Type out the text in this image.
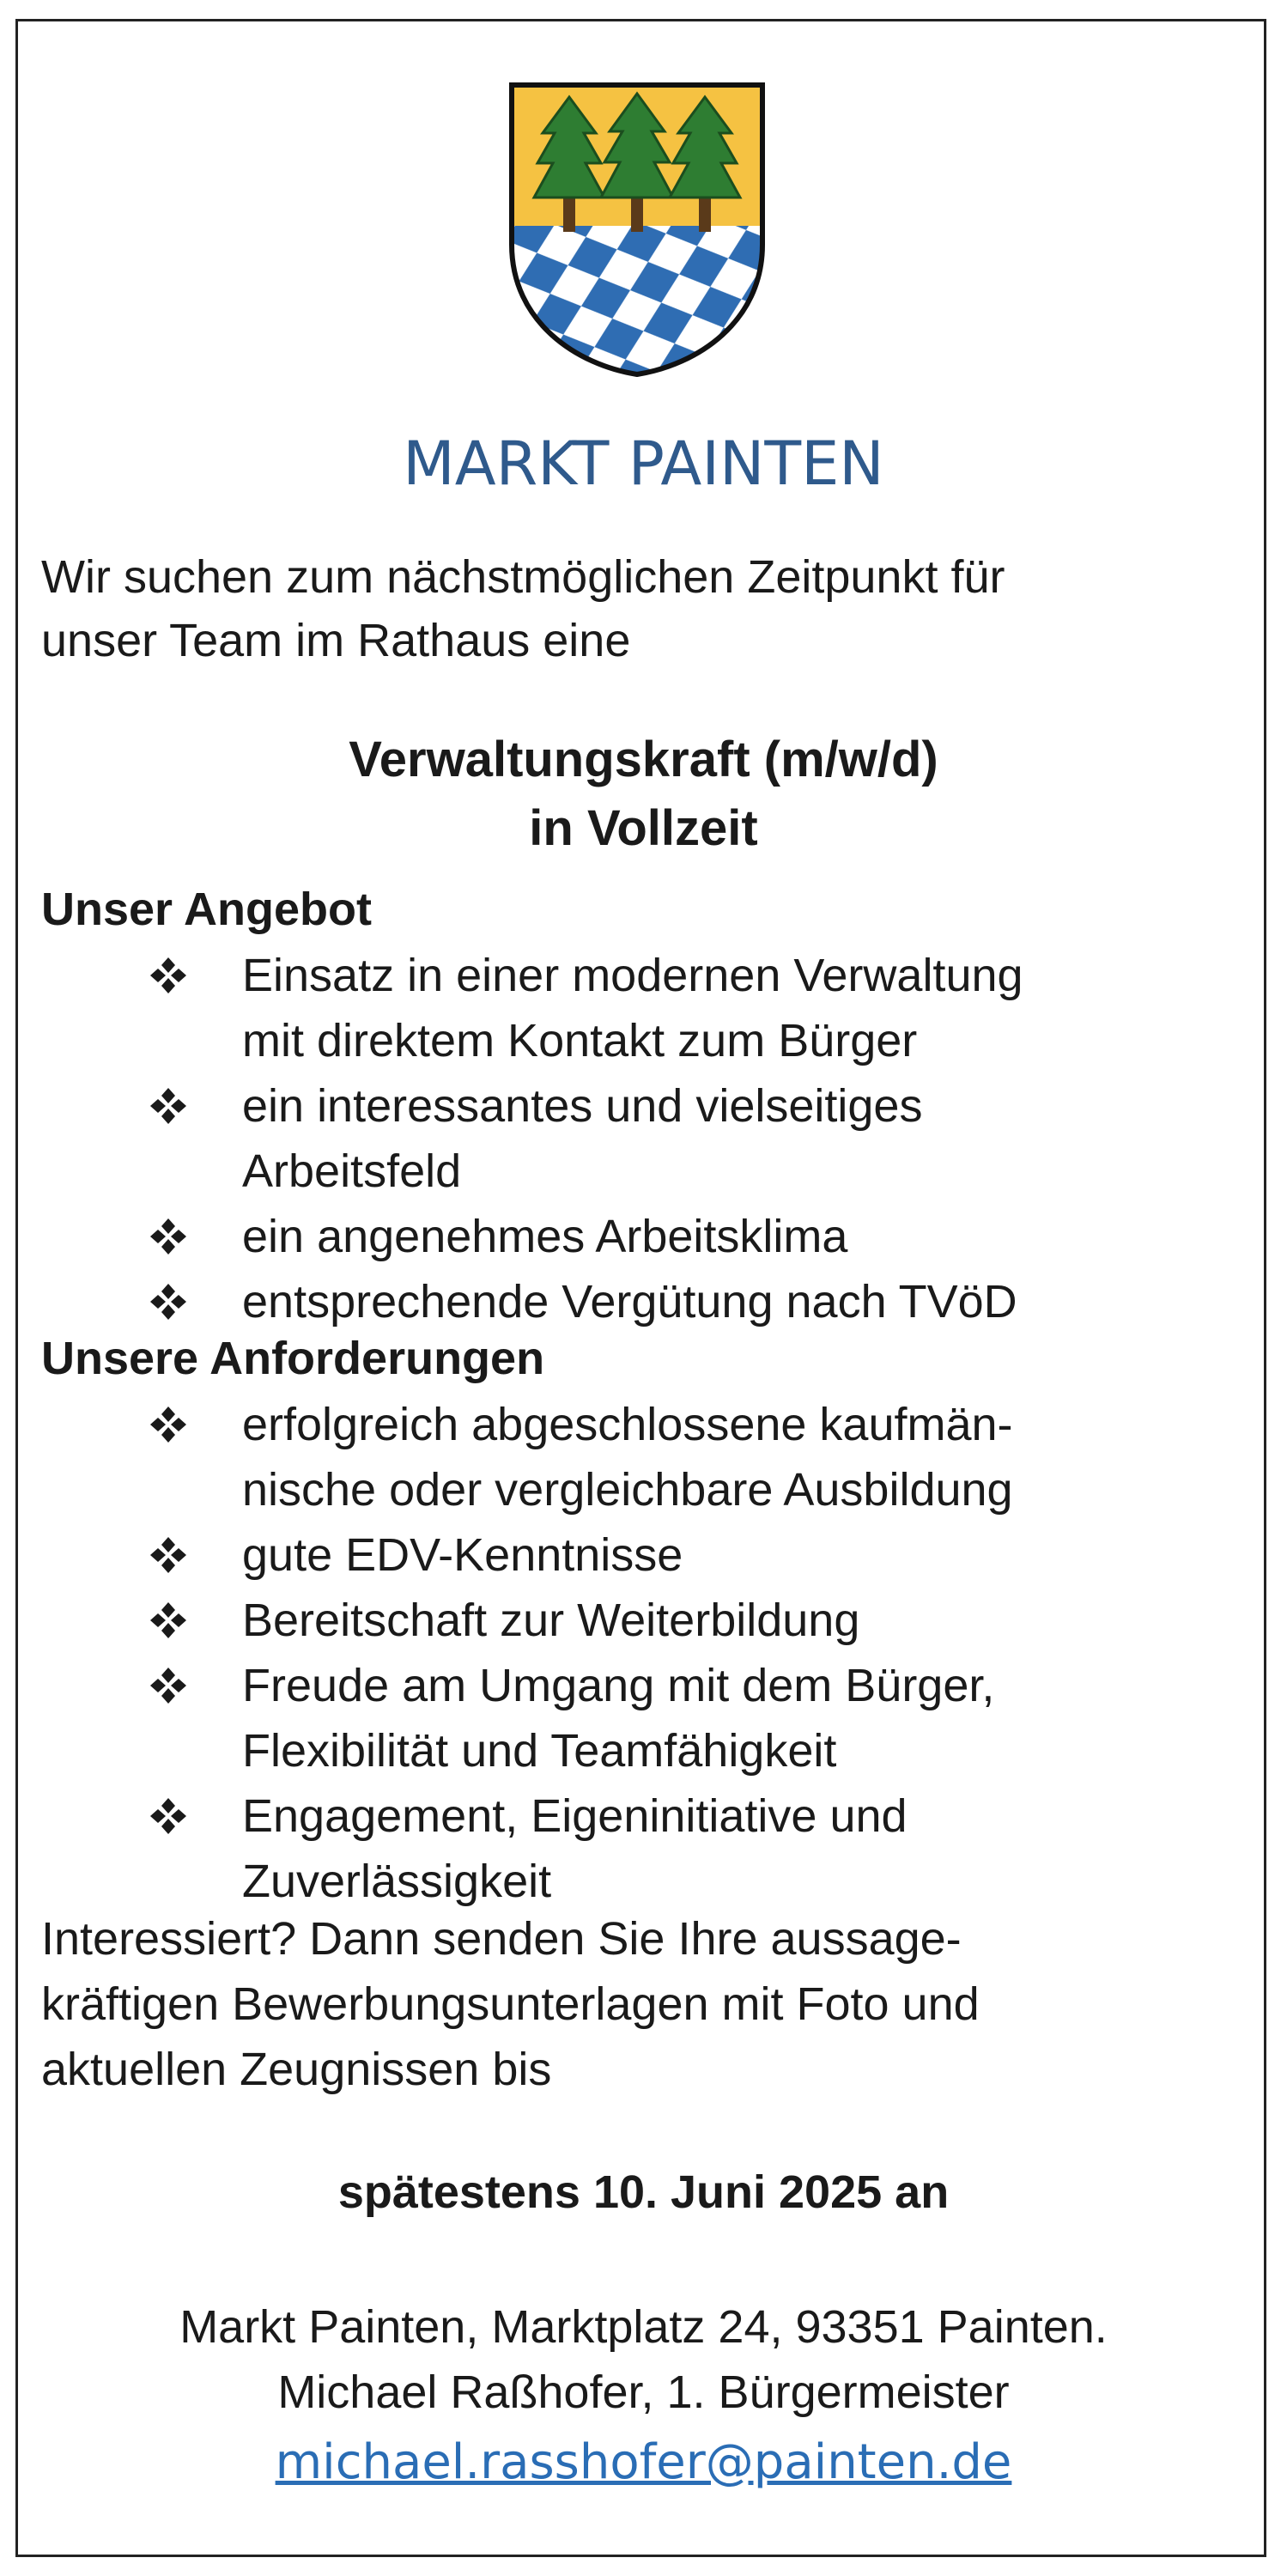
MARKT PAINTEN
Wir suchen zum nächstmöglichen Zeitpunkt für
unser Team im Rathaus eine
Verwaltungskraft (m/w/d)
in Vollzeit
Unser Angebot
Einsatz in einer modernen Verwaltung
mit direktem Kontakt zum Bürger
ein interessantes und vielseitiges
Arbeitsfeld
ein angenehmes Arbeitsklima
entsprechende Vergütung nach TVöD
Unsere Anforderungen
erfolgreich abgeschlossene kaufmän-
nische oder vergleichbare Ausbildung
gute EDV-Kenntnisse
Bereitschaft zur Weiterbildung
Freude am Umgang mit dem Bürger,
Flexibilität und Teamfähigkeit
Engagement, Eigeninitiative und
Zuverlässigkeit
Interessiert? Dann senden Sie Ihre aussage-
kräftigen Bewerbungsunterlagen mit Foto und
aktuellen Zeugnissen bis
spätestens 10. Juni 2025 an
Markt Painten, Marktplatz 24, 93351 Painten.
Michael Raßhofer, 1. Bürgermeister
michael.rasshofer@painten.de
